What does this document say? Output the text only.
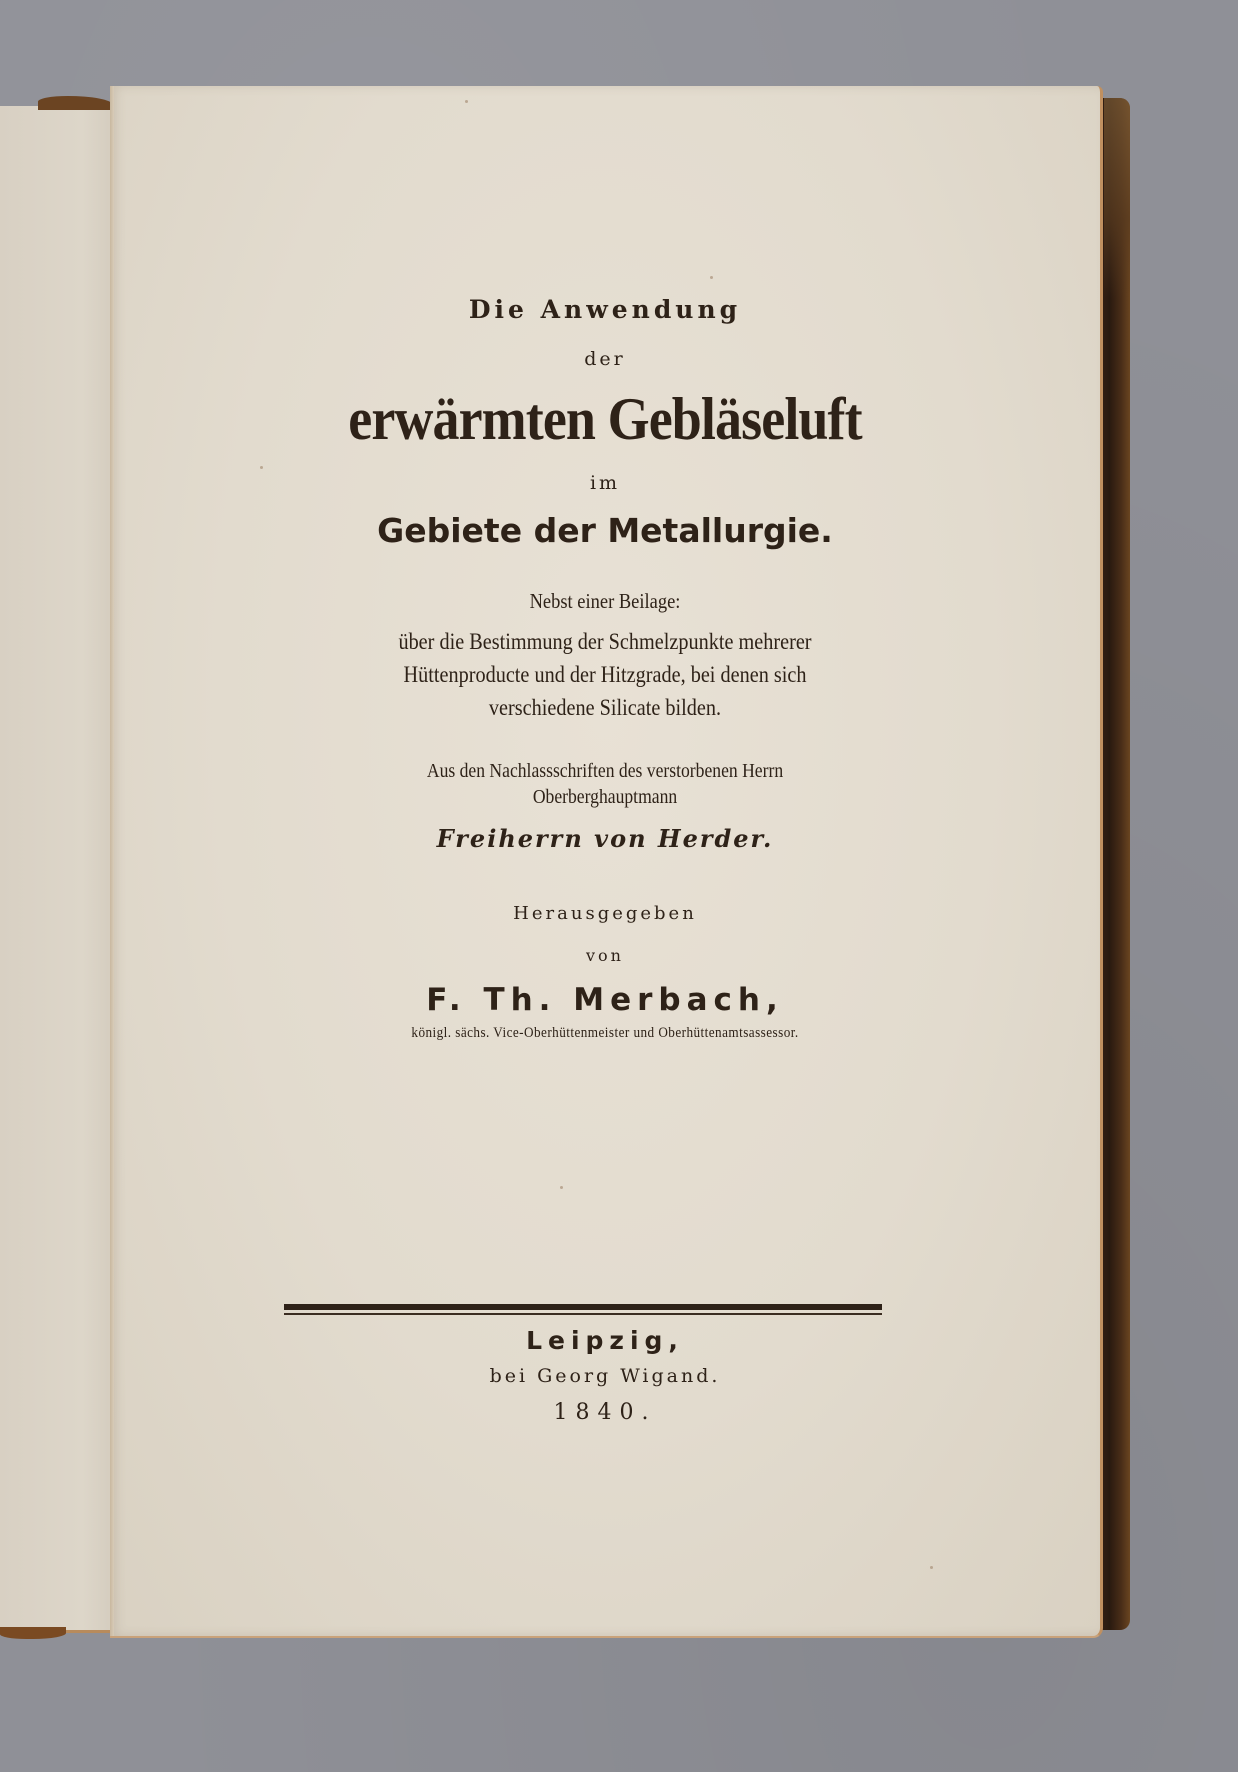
Die Anwendung
der
erwärmten Gebläseluft
im
Gebiete der Metallurgie.
Nebst einer Beilage:
über die Bestimmung der Schmelzpunkte mehrerer
Hüttenproducte und der Hitzgrade, bei denen sich
verschiedene Silicate bilden.
Aus den Nachlassschriften des verstorbenen Herrn
Oberberghauptmann
Freiherrn von Herder.
Herausgegeben
von
F. Th. Merbach,
königl. sächs. Vice-Oberhüttenmeister und Oberhüttenamtsassessor.
Leipzig,
bei Georg Wigand.
1840.
